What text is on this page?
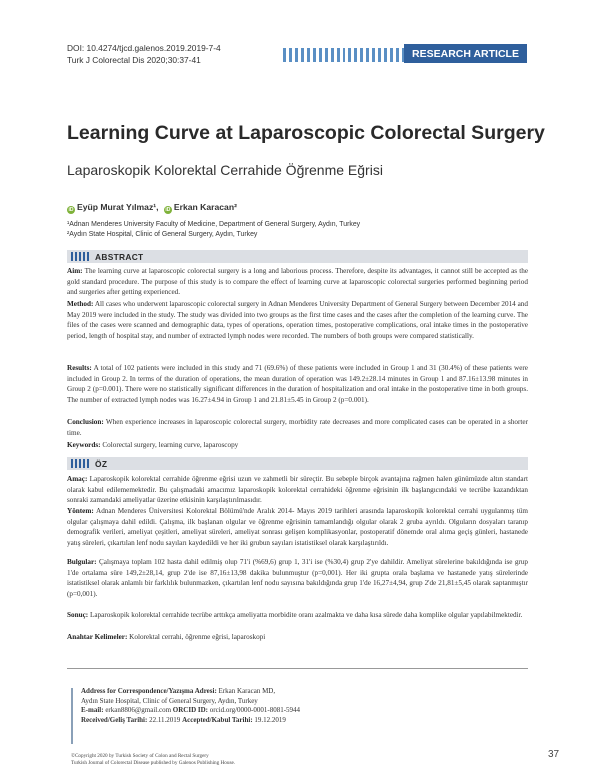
DOI: 10.4274/tjcd.galenos.2019.2019-7-4
Turk J Colorectal Dis 2020;30:37-41
RESEARCH ARTICLE
Learning Curve at Laparoscopic Colorectal Surgery
Laparoskopik Kolorektal Cerrahide Öğrenme Eğrisi
iD Eyüp Murat Yılmaz¹, iD Erkan Karacan²
¹Adnan Menderes University Faculty of Medicine, Department of General Surgery, Aydın, Turkey
²Aydın State Hospital, Clinic of General Surgery, Aydın, Turkey
ABSTRACT
Aim: The learning curve at laparoscopic colorectal surgery is a long and laborious process. Therefore, despite its advantages, it cannot still be accepted as the gold standard procedure. The purpose of this study is to compare the effect of learning curve at laparoscopic colorectal surgeries performed beginning period and surgeries after getting experienced.
Method: All cases who underwent laparoscopic colorectal surgery in Adnan Menderes University Department of General Surgery between December 2014 and May 2019 were included in the study. The study was divided into two groups as the first time cases and the cases after the completion of the learning curve. The files of the cases were scanned and demographic data, types of operations, operation times, postoperative complications, oral intake times in the postoperative period, length of hospital stay, and number of extracted lymph nodes were recorded. The numbers of both groups were compared statistically.
Results: A total of 102 patients were included in this study and 71 (69.6%) of these patients were included in Group 1 and 31 (30.4%) of these patients were included in Group 2. In terms of the duration of operations, the mean duration of operation was 149.2±28.14 minutes in Group 1 and 87.16±13.98 minutes in Group 2 (p=0.001). There were no statistically significant differences in the duration of hospitalization and oral intake in the postoperative time in both groups. The number of extracted lymph nodes was 16.27±4.94 in Group 1 and 21.81±5.45 in Group 2 (p=0.001).
Conclusion: When experience increases in laparoscopic colorectal surgery, morbidity rate decreases and more complicated cases can be operated in a shorter time.
Keywords: Colorectal surgery, learning curve, laparoscopy
ÖZ
Amaç: Laparoskopik kolorektal cerrahide öğrenme eğrisi uzun ve zahmetli bir süreçtir. Bu sebeple birçok avantajına rağmen halen günümüzde altın standart olarak kabul edilememektedir. Bu çalışmadaki amacımız laparoskopik kolorektal cerrahideki öğrenme eğrisinin ilk başlangıcındaki ve tecrübe kazandıktan sonraki zamandaki ameliyatlar üzerine etkisinin karşılaştırılmasıdır.
Yöntem: Adnan Menderes Üniversitesi Kolorektal Bölümü'nde Aralık 2014- Mayıs 2019 tarihleri arasında laparoskopik kolorektal cerrahi uygulanmış tüm olgular çalışmaya dahil edildi. Çalışma, ilk başlanan olgular ve öğrenme eğrisinin tamamlandığı olgular olarak 2 gruba ayrıldı. Olguların dosyaları taranıp demografik verileri, ameliyat çeşitleri, ameliyat süreleri, ameliyat sonrası gelişen komplikasyonlar, postoperatif dönemde oral alıma geçiş günleri, hastanede yatış süreleri, çıkartılan lenf nodu sayıları kaydedildi ve her iki grubun sayıları istatistiksel olarak karşılaştırıldı.
Bulgular: Çalışmaya toplam 102 hasta dahil edilmiş olup 71'i (%69,6) grup 1, 31'i ise (%30,4) grup 2'ye dahildir. Ameliyat sürelerine bakıldığında ise grup 1'de ortalama süre 149,2±28,14, grup 2'de ise 87,16±13,98 dakika bulunmuştur (p=0,001). Her iki grupta orala başlama ve hastanede yatış sürelerinde istatistiksel olarak anlamlı bir farklılık bulunmazken, çıkartılan lenf nodu sayısına bakıldığında grup 1'de 16,27±4,94, grup 2'de 21,81±5,45 olarak saptanmıştır (p=0,001).
Sonuç: Laparoskopik kolorektal cerrahide tecrübe arttıkça ameliyatta morbidite oranı azalmakta ve daha kısa sürede daha komplike olgular yapılabilmektedir.
Anahtar Kelimeler: Kolorektal cerrahi, öğrenme eğrisi, laparoskopi
Address for Correspondence/Yazışma Adresi: Erkan Karacan MD,
Aydın State Hospital, Clinic of General Surgery, Aydın, Turkey
E-mail: erkan8806@gmail.com ORCID ID: orcid.org/0000-0001-8081-5944
Received/Geliş Tarihi: 22.11.2019 Accepted/Kabul Tarihi: 19.12.2019
©Copyright 2020 by Turkish Society of Colon and Rectal Surgery
Turkish Journal of Colorectal Disease published by Galenos Publishing House.
37
